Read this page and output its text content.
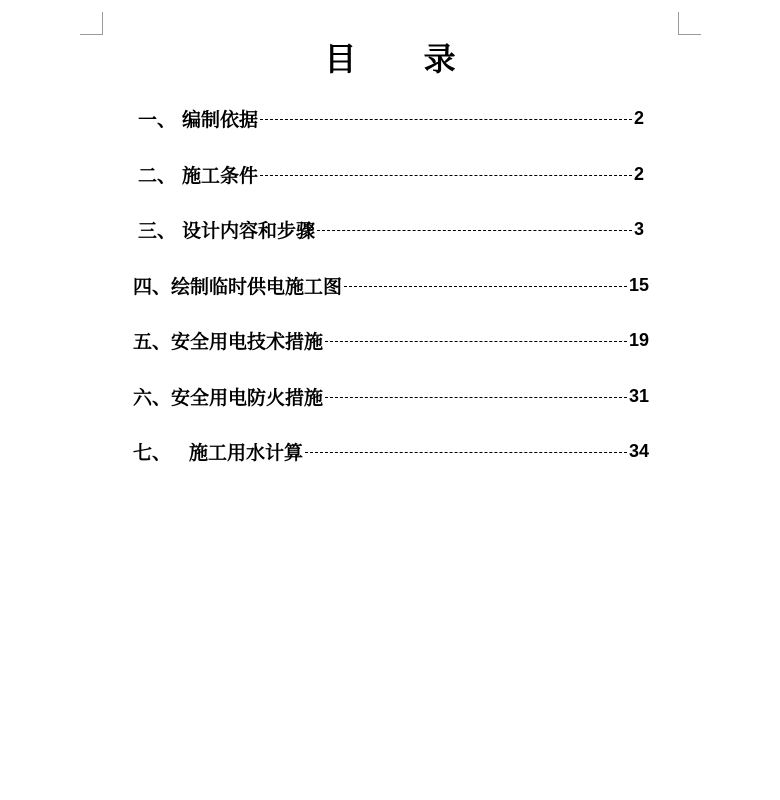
目 录
一、 编制依据	2
二、 施工条件	2
三、 设计内容和步骤	3
四、 绘制临时供电施工图	15
五、 安全用电技术措施	19
六、 安全用电防火措施	31
七、 施工用水计算	34
